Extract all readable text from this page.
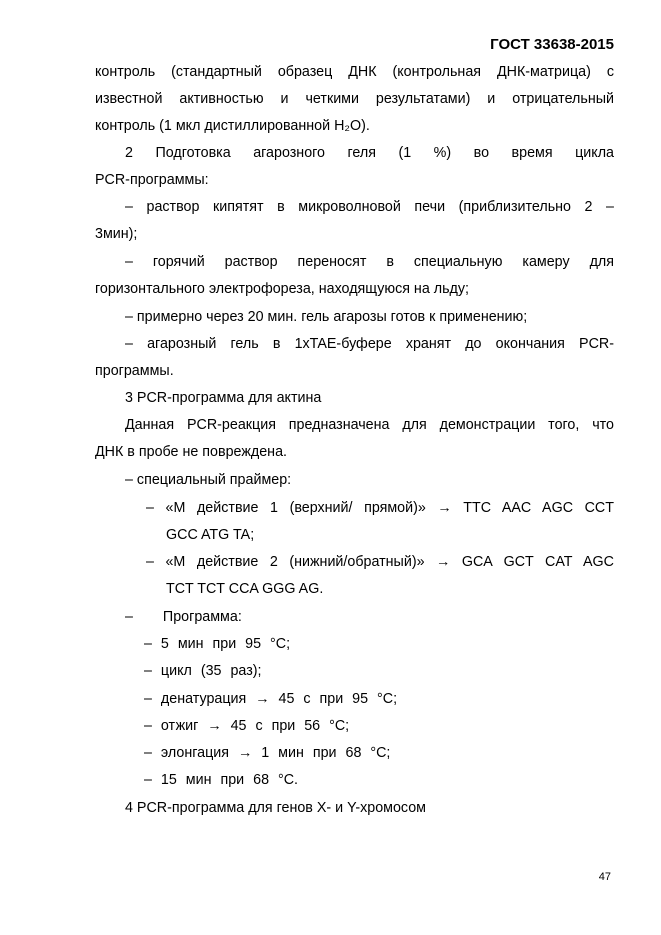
ГОСТ 33638-2015
контроль (стандартный образец ДНК (контрольная ДНК-матрица) с
известной активностью и четкими результатами) и отрицательный
контроль (1 мкл дистиллированной H₂O).
2 Подготовка агарозного геля (1 %) во время цикла
PCR-программы:
– раствор кипятят в микроволновой печи (приблизительно 2 –
3мин);
– горячий раствор переносят в специальную камеру для
горизонтального электрофореза, находящуюся на льду;
– примерно через 20 мин. гель агарозы готов к применению;
– агарозный гель в 1xTAE-буфере хранят до окончания PCR-
программы.
3 PCR-программа для актина
Данная PCR-реакция предназначена для демонстрации того, что
ДНК в пробе не повреждена.
– специальный праймер:
– «M действие 1 (верхний/ прямой)» → TTC AAC AGC CCT
GCC ATG TA;
– «M действие 2 (нижний/обратный)» → GCA GCT CAT AGC
TCT TCT CCA GGG AG.
– Программа:
– 5 мин при 95 °C;
– цикл (35 раз);
– денатурация → 45 с при 95 °C;
– отжиг → 45 с при 56 °C;
– элонгация → 1 мин при 68 °C;
– 15 мин при 68 °C.
4 PCR-программа для генов X- и Y-хромосом
47
